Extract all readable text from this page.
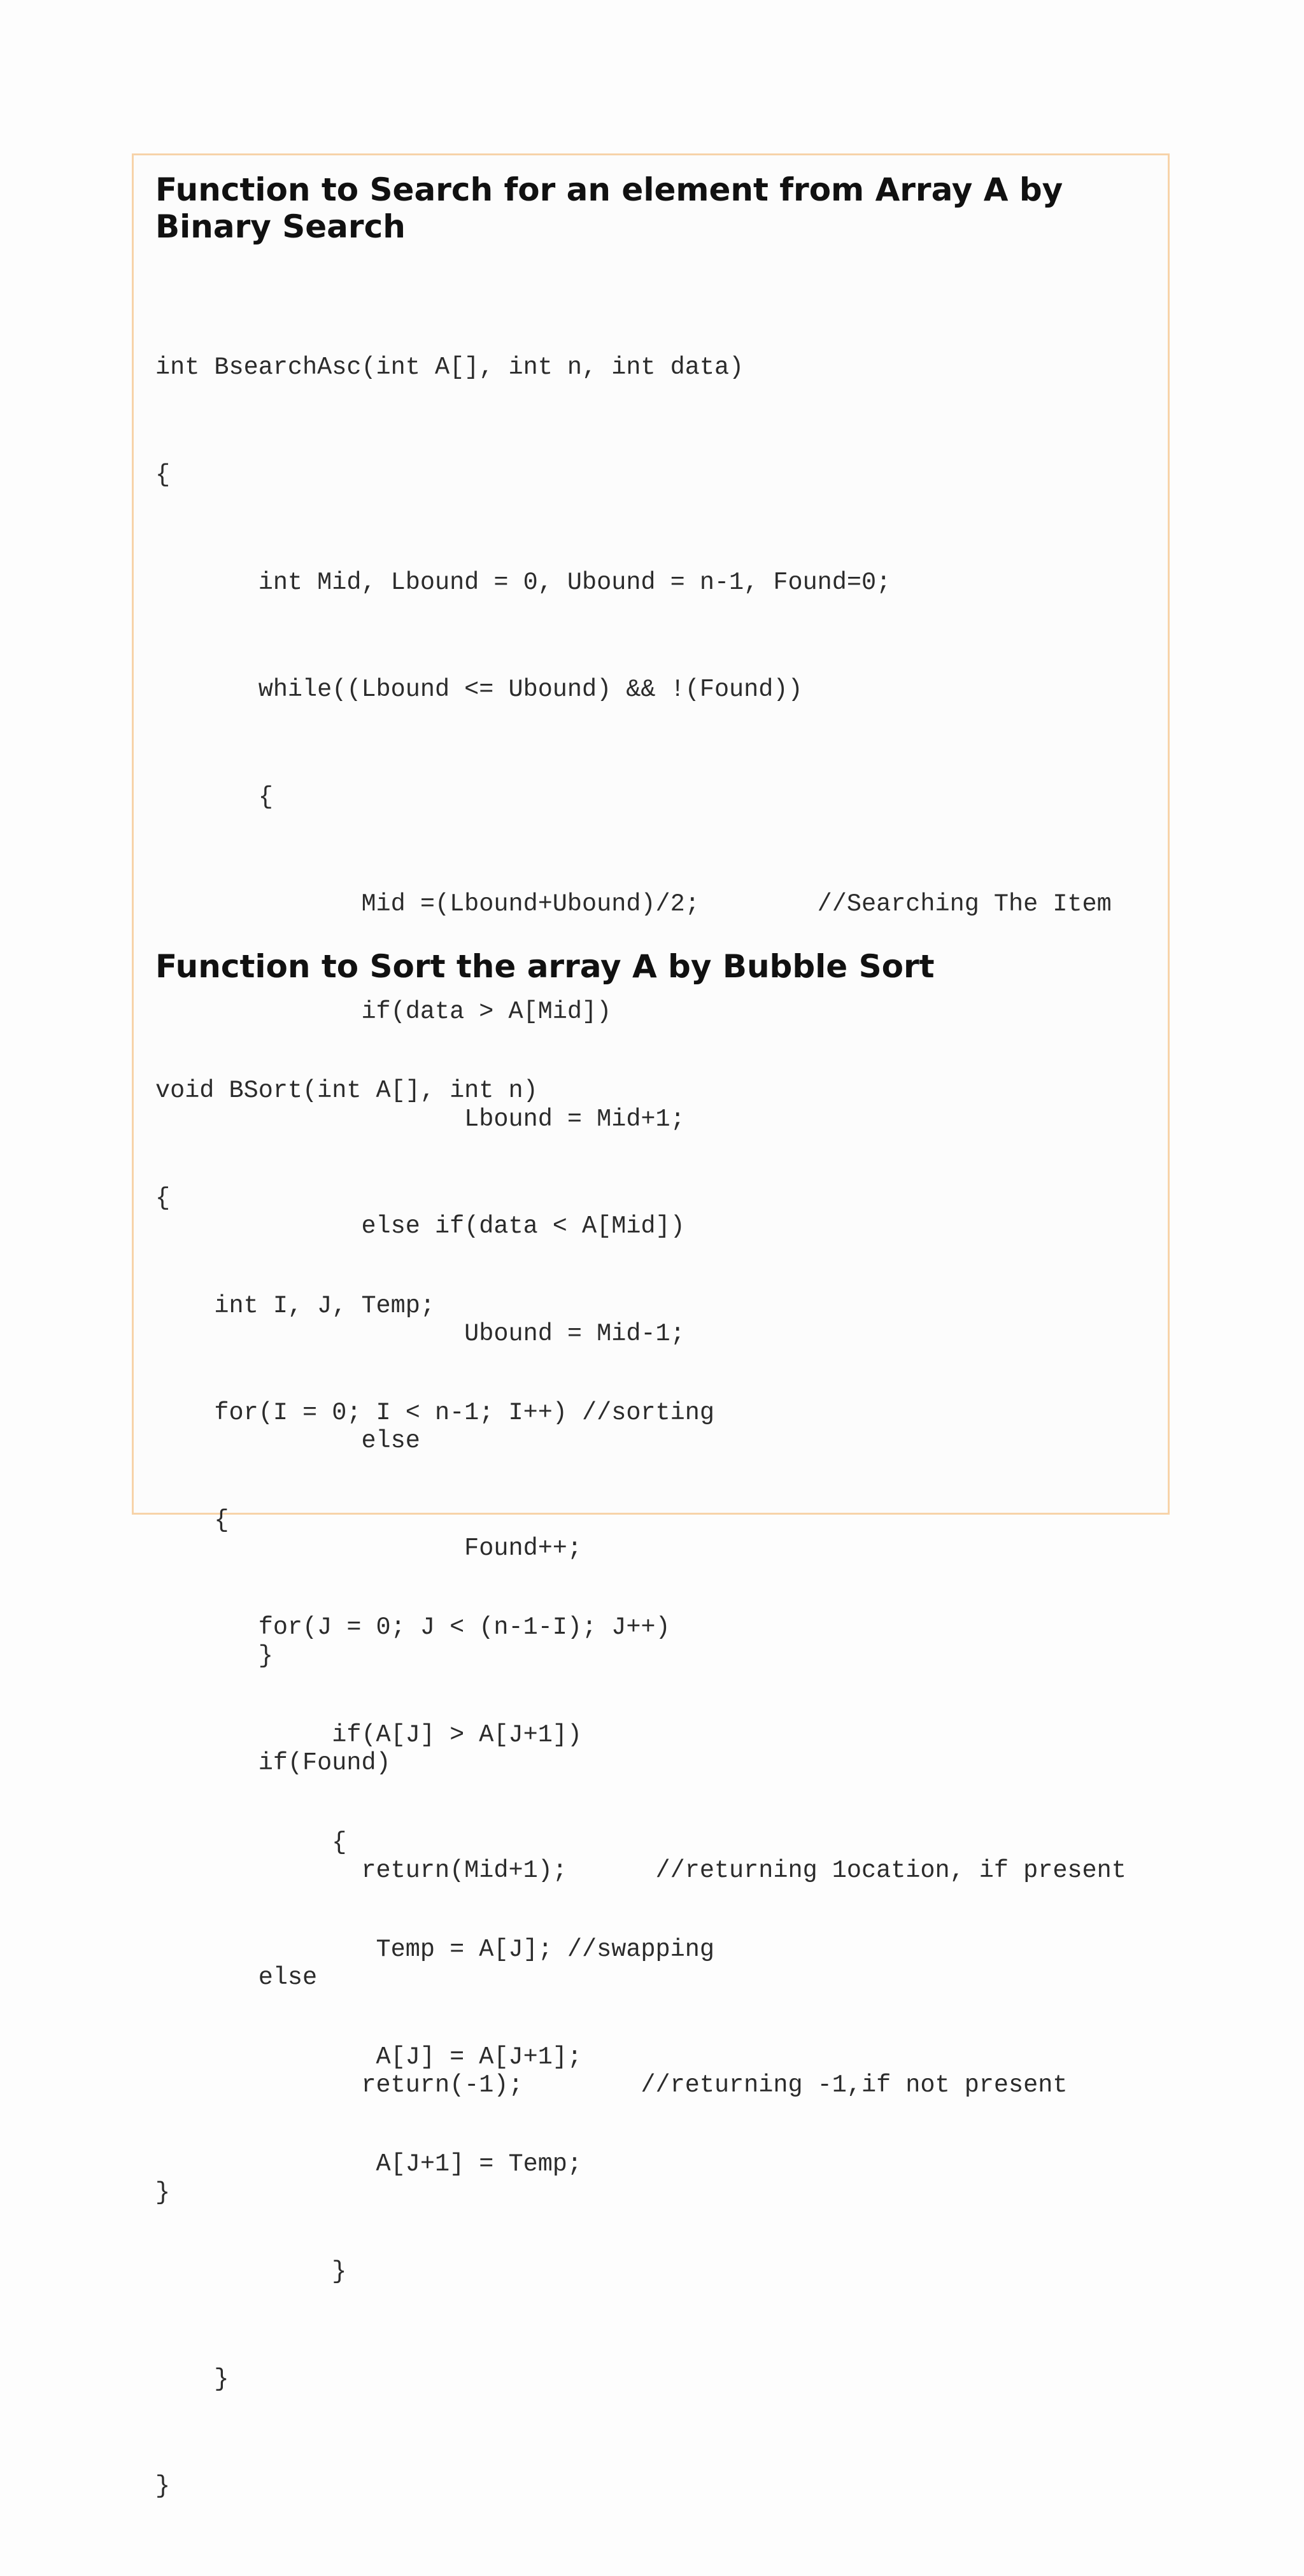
Function to Search for an element from Array A by Binary Search

int BsearchAsc(int A[], int n, int data)

{

int Mid, Lbound = 0, Ubound = n-1, Found=0;

while((Lbound <= Ubound) && !(Found))

{

Mid =(Lbound+Ubound)/2;        //Searching The Item

if(data > A[Mid])

Lbound = Mid+1;

else if(data < A[Mid])

Ubound = Mid-1;

else

Found++;

}

if(Found)

return(Mid+1);      //returning 1ocation, if present

else

return(-1);        //returning -1,if not present

}

Function to Sort the array A by Bubble Sort

void BSort(int A[], int n)

{

int I, J, Temp;

for(I = 0; I < n-1; I++) //sorting

{

for(J = 0; J < (n-1-I); J++)

if(A[J] > A[J+1])

{

Temp = A[J]; //swapping

A[J] = A[J+1];

A[J+1] = Temp;

}

}

}
